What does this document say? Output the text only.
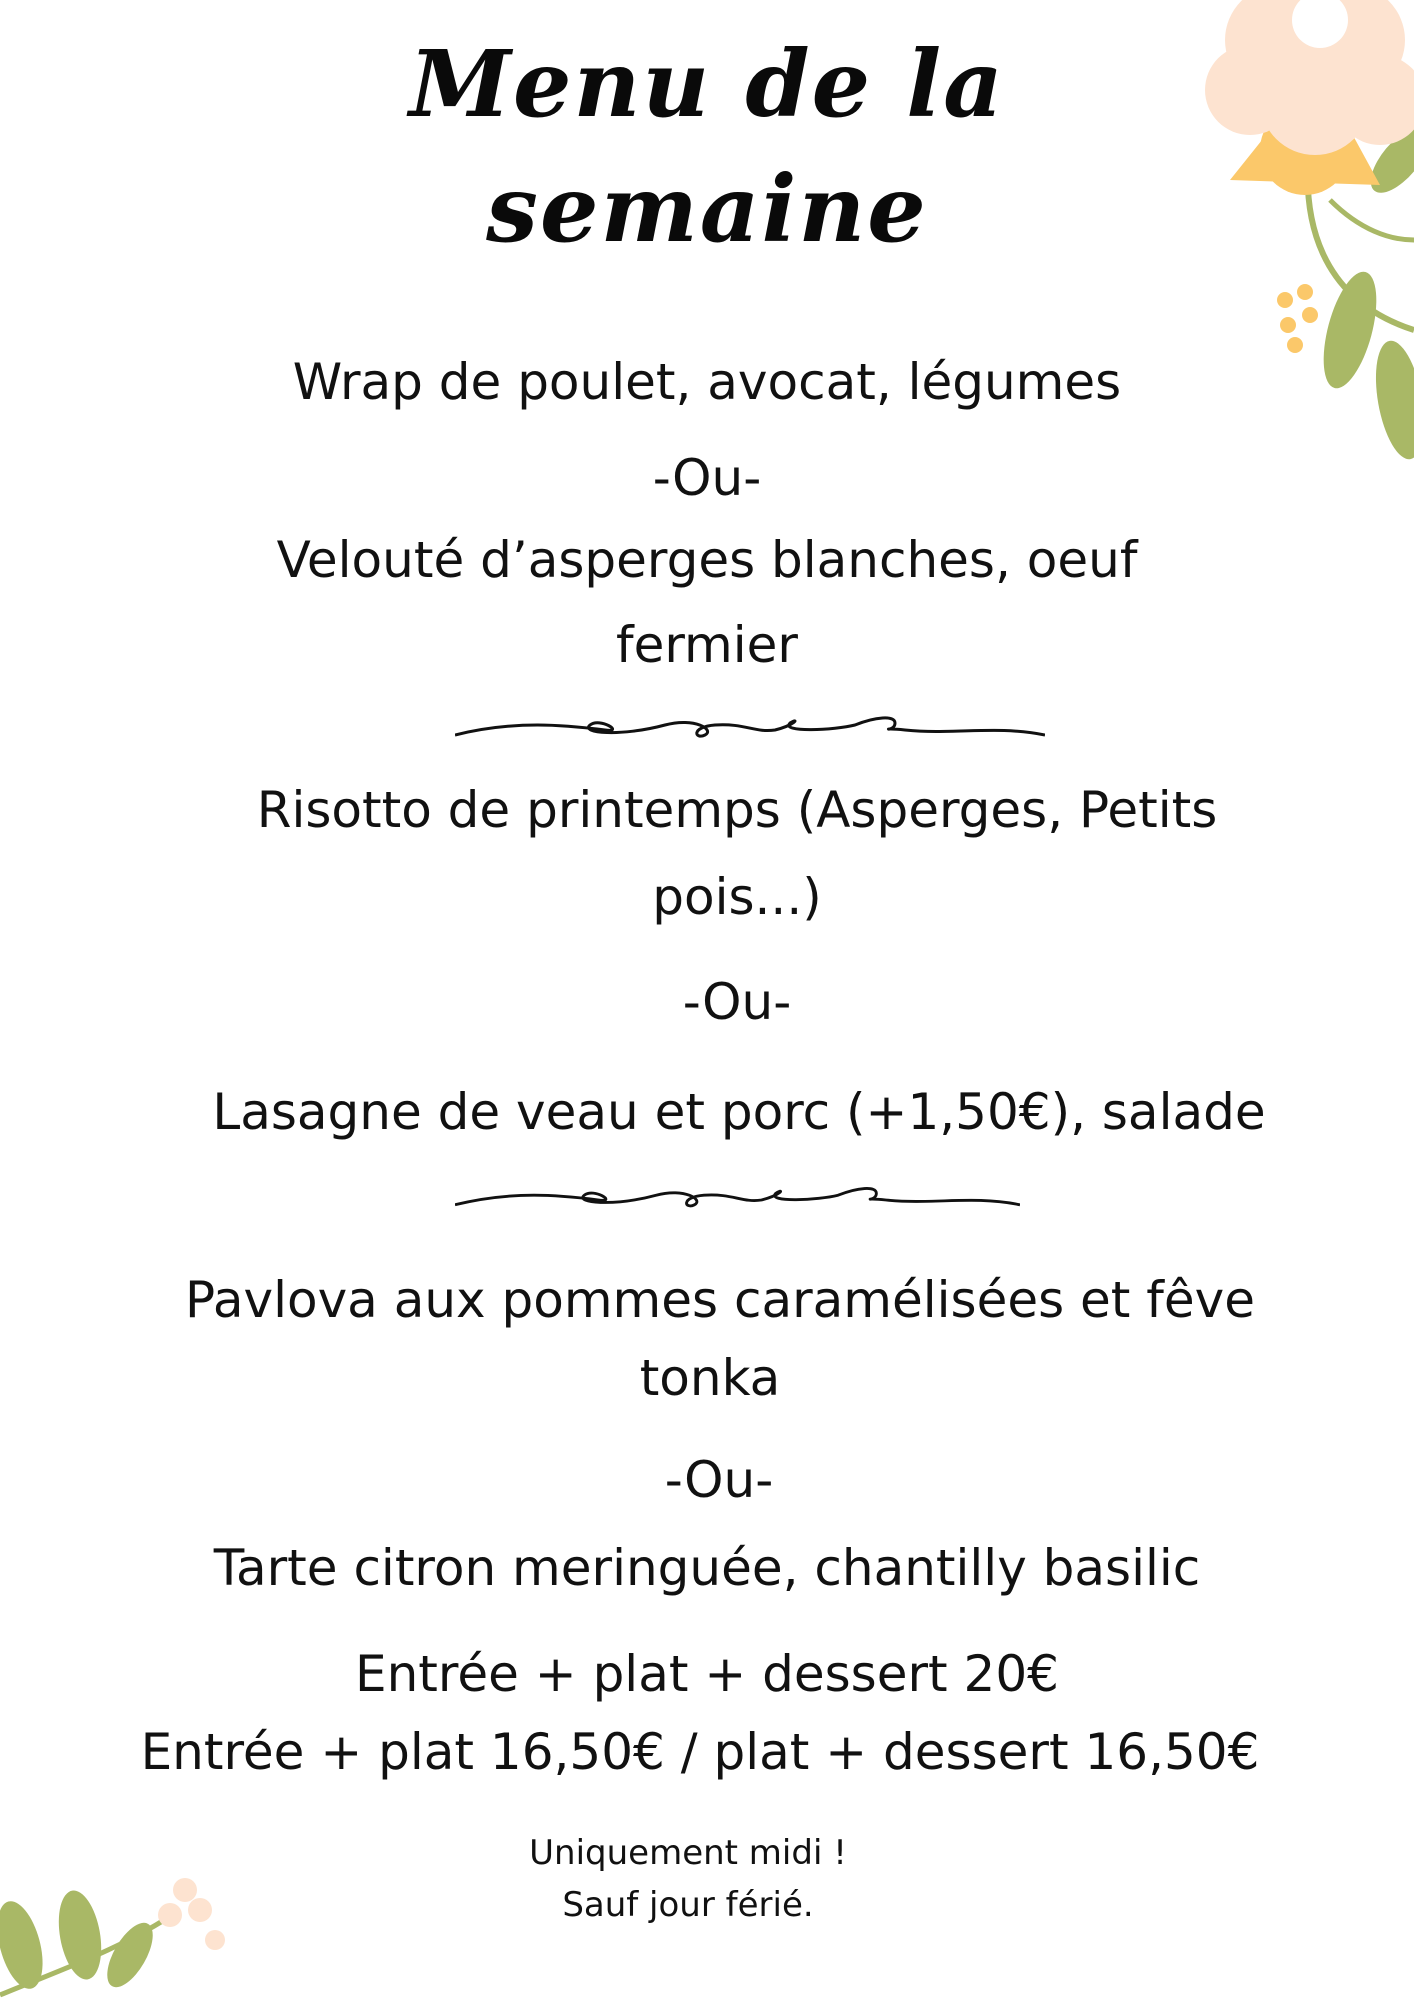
Menu de la
semaine
Wrap de poulet, avocat, légumes
-Ou-
Velouté d’asperges blanches, oeuf
fermier
Risotto de printemps (Asperges, Petits
pois...)
-Ou-
Lasagne de veau et porc (+1,50€), salade
Pavlova aux pommes caramélisées et fêve
tonka
-Ou-
Tarte citron meringuée, chantilly basilic
Entrée + plat + dessert 20€
Entrée + plat 16,50€ / plat + dessert 16,50€
Uniquement midi !
Sauf jour férié.
